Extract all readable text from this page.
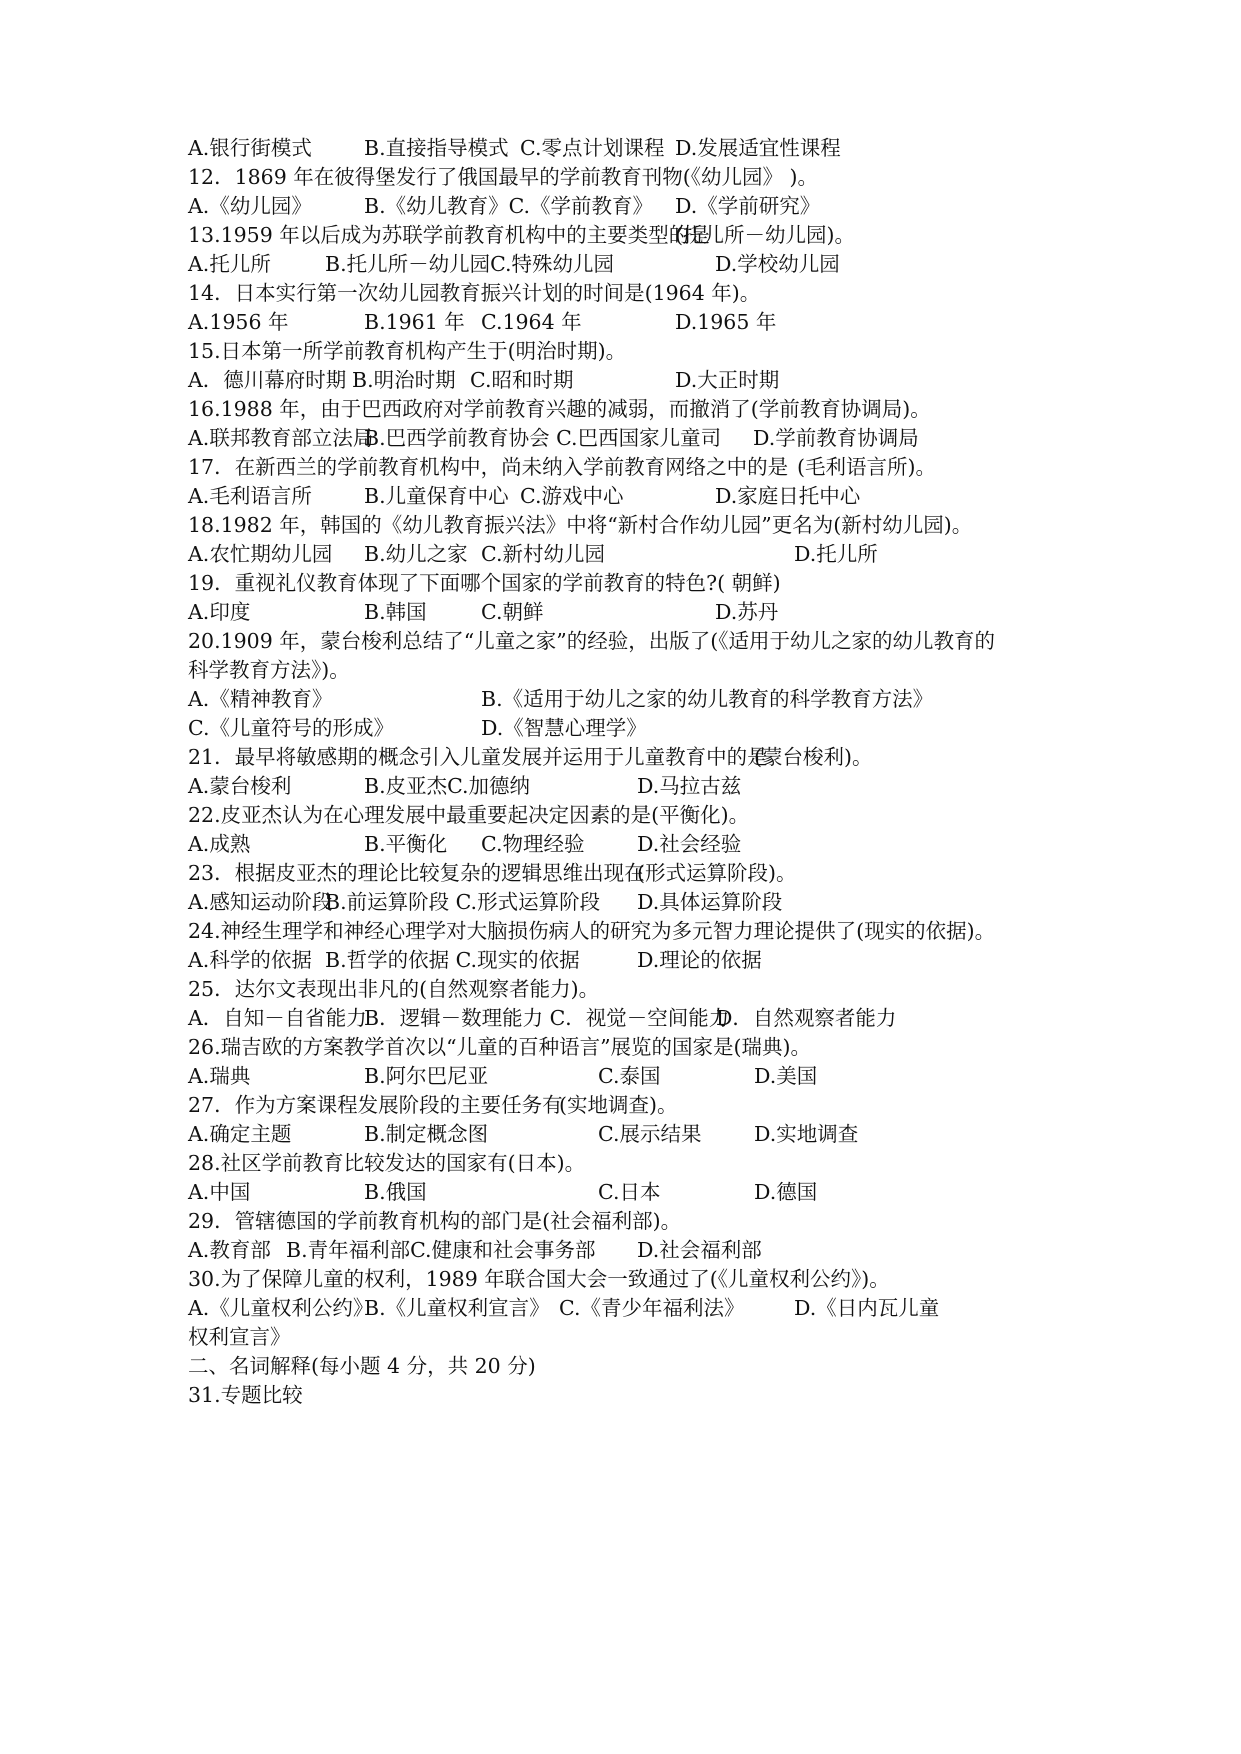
A.银行街模式	B.直接指导模式 C.零点计划课程 D.发展适宜性课程
12．1869 年在彼得堡发行了俄国最早的学前教育刊物(《幼儿园》 )。
A.《幼儿园》	B.《幼儿教育》C.《学前教育》 D.《学前研究》
13.1959 年以后成为苏联学前教育机构中的主要类型的是
(托儿所－幼儿园)。
A.托儿所	B.托儿所－幼儿园C.特殊幼儿园	D.学校幼儿园
14．日本实行第一次幼儿园教育振兴计划的时间是(1964 年)。
A.1956 年	B.1961 年 C.1964 年	D.1965 年
15.日本第一所学前教育机构产生于(明治时期)。
A．德川幕府时期 B.明治时期 C.昭和时期	D.大正时期
16.1988 年，由于巴西政府对学前教育兴趣的减弱，而撤消了(学前教育协调局)。
A.联邦教育部立法局
B.巴西学前教育协会 C.巴西国家儿童司 D.学前教育协调局
17．在新西兰的学前教育机构中，尚未纳入学前教育网络之中的是 (毛利语言所)。
A.毛利语言所	B.儿童保育中心 C.游戏中心	D.家庭日托中心
18.1982 年，韩国的《幼儿教育振兴法》中将“新村合作幼儿园”更名为(新村幼儿园)。
A.农忙期幼儿园 B.幼儿之家 C.新村幼儿园	D.托儿所
19．重视礼仪教育体现了下面哪个国家的学前教育的特色?( 朝鲜)
A.印度	B.韩国	C.朝鲜	D.苏丹
20.1909 年，蒙台梭利总结了“儿童之家”的经验，出版了(《适用于幼儿之家的幼儿教育的
科学教育方法》)。
A.《精神教育》	B.《适用于幼儿之家的幼儿教育的科学教育方法》
C.《儿童符号的形成》	D.《智慧心理学》
21．最早将敏感期的概念引入儿童发展并运用于儿童教育中的是
(蒙台梭利)。
A.蒙台梭利	B.皮亚杰C.加德纳	D.马拉古兹
22.皮亚杰认为在心理发展中最重要起决定因素的是(平衡化)。
A.成熟	B.平衡化 C.物理经验	D.社会经验
23．根据皮亚杰的理论比较复杂的逻辑思维出现在
(形式运算阶段)。
A.感知运动阶段
B.前运算阶段 C.形式运算阶段 D.具体运算阶段
24.神经生理学和神经心理学对大脑损伤病人的研究为多元智力理论提供了(现实的依据)。
A.科学的依据 B.哲学的依据 C.现实的依据	D.理论的依据
25．达尔文表现出非凡的(自然观察者能力)。
A．自知－自省能力
B．逻辑－数理能力 C．视觉－空间能力
D．自然观察者能力
26.瑞吉欧的方案教学首次以“儿童的百种语言”展览的国家是(瑞典)。
A.瑞典	B.阿尔巴尼亚	C.泰国	D.美国
27．作为方案课程发展阶段的主要任务有
(实地调查)。
A.确定主题	B.制定概念图	C.展示结果	D.实地调查
28.社区学前教育比较发达的国家有(日本)。
A.中国	B.俄国	C.日本	D.德国
29．管辖德国的学前教育机构的部门是(社会福利部)。
A.教育部 B.青年福利部C.健康和社会事务部 D.社会福利部
30.为了保障儿童的权利，1989 年联合国大会一致通过了(《儿童权利公约》)。
A.《儿童权利公约》
B.《儿童权利宣言》 C.《青少年福利法》 D.《日内瓦儿童
权利宣言》
二、名词解释(每小题 4 分，共 20 分)
31.专题比较
